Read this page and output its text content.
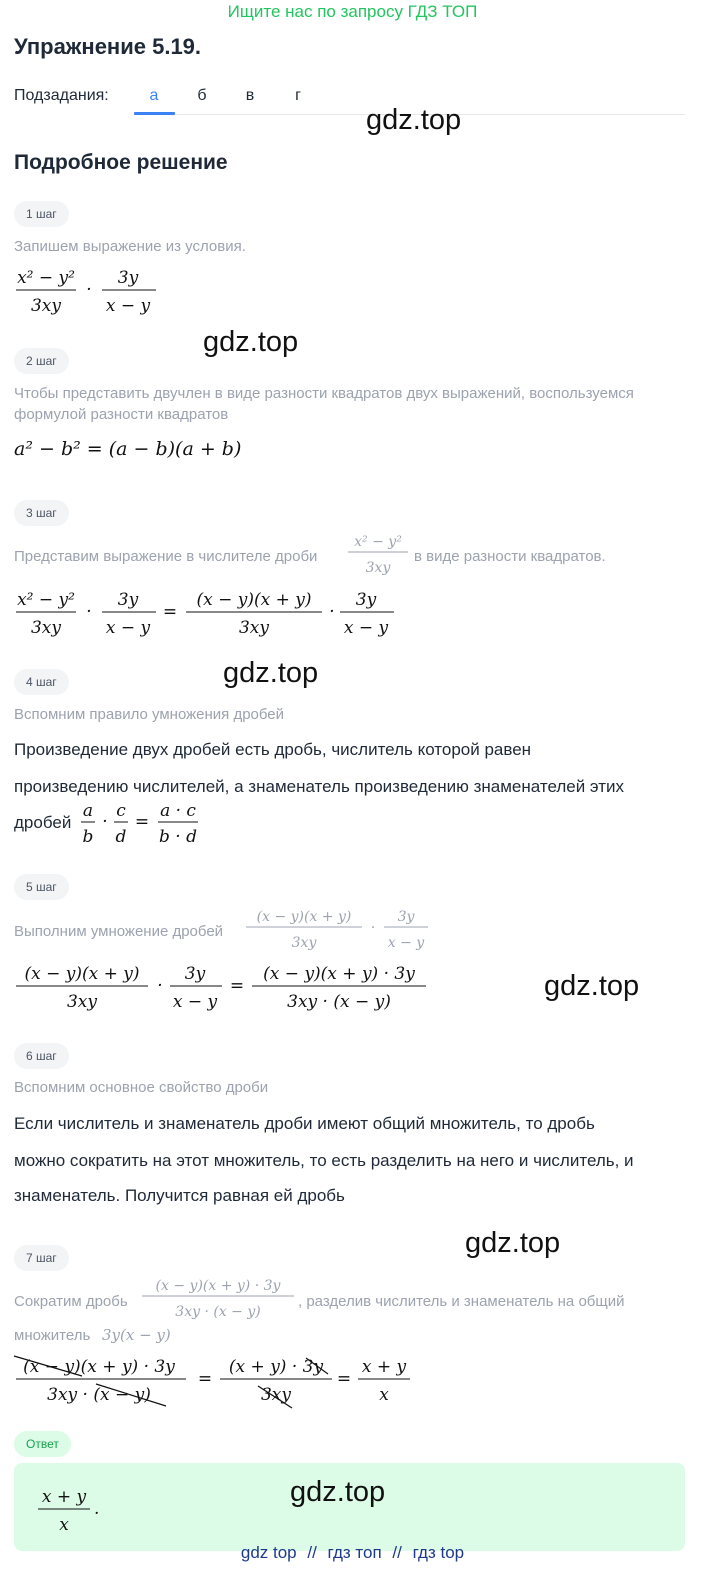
Ищите нас по запросу ГДЗ ТОП
Упражнение 5.19.
Подзадания:	а	б	в	г
gdz.top
gdz.top
gdz.top
gdz.top
gdz.top
gdz.top
Подробное решение
1 шаг
Запишем выражение из условия.
x² − y²
3xy
·
3y
x − y
2 шаг
Чтобы представить двучлен в виде разности квадратов двух выражений, воспользуемся
формулой разности квадратов
a² − b² = (a − b)(a + b)
3 шаг
Представим выражение в числителе дроби
x² − y²
3xy
в виде разности квадратов.
x² − y²
3xy
·
3y
x − y
=
(x − y)(x + y)
3xy
·
3y
x − y
4 шаг
Вспомним правило умножения дробей
Произведение двух дробей есть дробь, числитель которой равен
произведению числителей, а знаменатель произведению знаменателей этих
дробей
a
b
·
c
d
=
a · c
b · d
5 шаг
Выполним умножение дробей
(x − y)(x + y)
3xy
·
3y
x − y
(x − y)(x + y)
3xy
·
3y
x − y
=
(x − y)(x + y) · 3y
3xy · (x − y)
6 шаг
Вспомним основное свойство дроби
Если числитель и знаменатель дроби имеют общий множитель, то дробь
можно сократить на этот множитель, то есть разделить на него и числитель, и
знаменатель. Получится равная ей дробь
7 шаг
Сократим дробь
(x − y)(x + y) · 3y
3xy · (x − y)
, разделив числитель и знаменатель на общий
множитель 3y(x − y)
(x − y)(x + y) · 3y
3xy · (x − y)
=
(x + y) · 3y
3xy
=
x + y
x
Ответ
x + y
x
.
gdz top // гдз топ // гдз top
